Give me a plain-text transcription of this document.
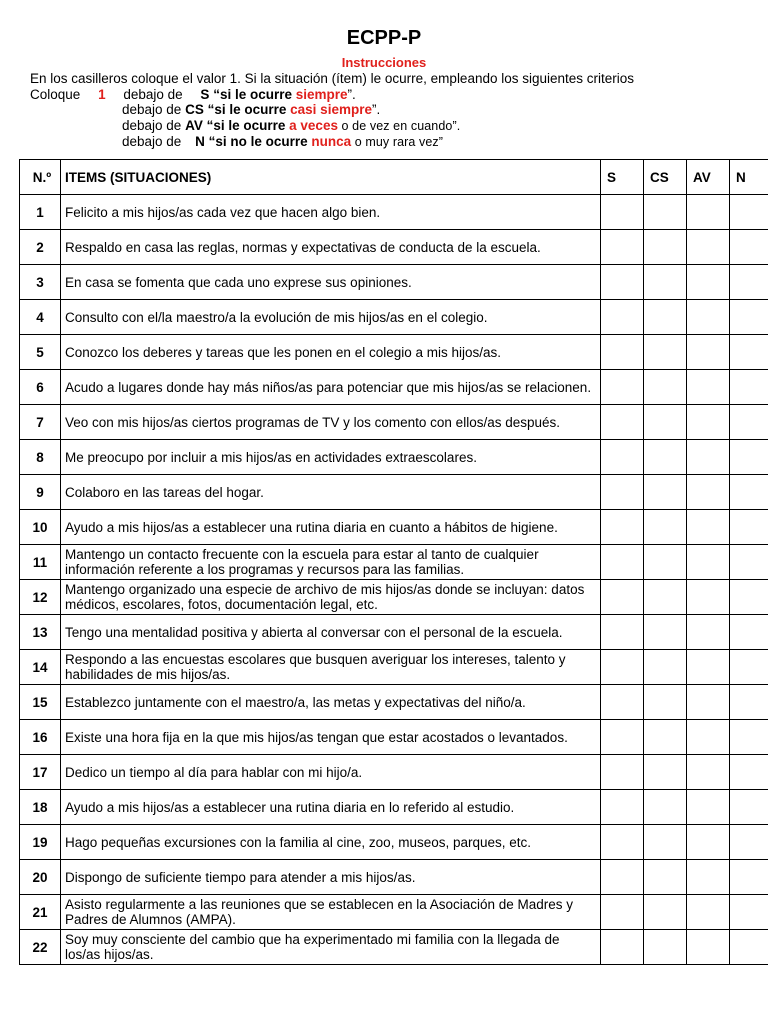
ECPP-P
Instrucciones
En los casilleros coloque el valor 1. Si la situación (ítem) le ocurre, empleando los siguientes criterios
Coloque 1 debajo de S “si le ocurre siempre”.
debajo de CS “si le ocurre casi siempre”.
debajo de AV “si le ocurre a veces o de vez en cuando”.
debajo de N “si no le ocurre nunca o muy rara vez”
N.º	ITEMS (SITUACIONES)	S	CS	AV	N
1	Felicito a mis hijos/as cada vez que hacen algo bien.				
2	Respaldo en casa las reglas, normas y expectativas de conducta de la escuela.				
3	En casa se fomenta que cada uno exprese sus opiniones.				
4	Consulto con el/la maestro/a la evolución de mis hijos/as en el colegio.				
5	Conozco los deberes y tareas que les ponen en el colegio a mis hijos/as.				
6	Acudo a lugares donde hay más niños/as para potenciar que mis hijos/as se relacionen.				
7	Veo con mis hijos/as ciertos programas de TV y los comento con ellos/as después.				
8	Me preocupo por incluir a mis hijos/as en actividades extraescolares.				
9	Colaboro en las tareas del hogar.				
10	Ayudo a mis hijos/as a establecer una rutina diaria en cuanto a hábitos de higiene.				
11	Mantengo un contacto frecuente con la escuela para estar al tanto de cualquier información referente a los programas y recursos para las familias.				
12	Mantengo organizado una especie de archivo de mis hijos/as donde se incluyan: datos médicos, escolares, fotos, documentación legal, etc.				
13	Tengo una mentalidad positiva y abierta al conversar con el personal de la escuela.				
14	Respondo a las encuestas escolares que busquen averiguar los intereses, talento y habilidades de mis hijos/as.				
15	Establezco juntamente con el maestro/a, las metas y expectativas del niño/a.				
16	Existe una hora fija en la que mis hijos/as tengan que estar acostados o levantados.				
17	Dedico un tiempo al día para hablar con mi hijo/a.				
18	Ayudo a mis hijos/as a establecer una rutina diaria en lo referido al estudio.				
19	Hago pequeñas excursiones con la familia al cine, zoo, museos, parques, etc.				
20	Dispongo de suficiente tiempo para atender a mis hijos/as.				
21	Asisto regularmente a las reuniones que se establecen en la Asociación de Madres y Padres de Alumnos (AMPA).				
22	Soy muy consciente del cambio que ha experimentado mi familia con la llegada de los/as hijos/as.				
